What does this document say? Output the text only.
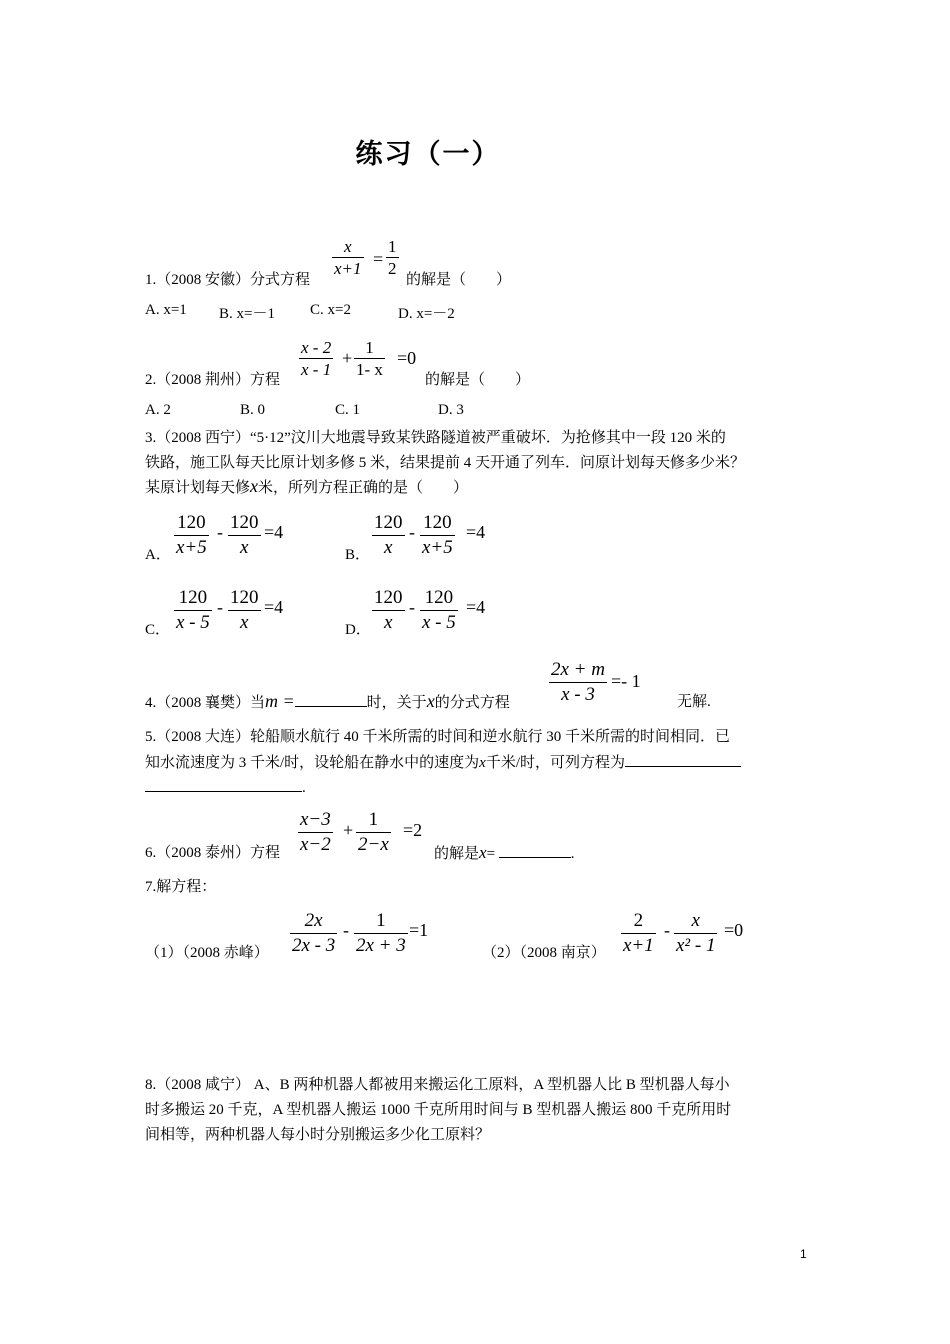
练习（一）
1.（2008 安徽）分式方程
x
x+1 =
1
2
的解是（　　）
A. x=1 B. x=－1 C. x=2	D. x=－2
2.（2008 荆州）方程
x - 2
x - 1
+
1
1- x
=0
的解是（　　）
A. 2	B. 0	C. 1	D. 3
3.（2008 西宁）“5·12”汶川大地震导致某铁路隧道被严重破坏．为抢修其中一段 120 米的
铁路，施工队每天比原计划多修 5 米，结果提前 4 天开通了列车．问原计划每天修多少米？
某原计划每天修x米，所列方程正确的是（　　）
A．
120
x+5
- 120
x
=4
B．
120
x
- 120
x+5
=4
C．
120
x - 5
- 120
x
=4
D．
120
x
- 120
x - 5
=4
4.（2008 襄樊）当m =	时，关于x的分式方程
2x + m
x - 3
=- 1
无解.
5.（2008 大连）轮船顺水航行 40 千米所需的时间和逆水航行 30 千米所需的时间相同．已
知水流速度为 3 千米/时，设轮船在静水中的速度为x千米/时，可列方程为
.
6.（2008 泰州）方程
x−3
x−2
+ 1
2−x
=2
的解是x=	.
7.解方程：
（1）（2008 赤峰）
2x
2x - 3
- 1
2x + 3
=1
（2）（2008 南京）
2
x+1
- x
x² - 1
=0
8.（2008 咸宁） A、B 两种机器人都被用来搬运化工原料，A 型机器人比 B 型机器人每小
时多搬运 20 千克，A 型机器人搬运 1000 千克所用时间与 B 型机器人搬运 800 千克所用时
间相等，两种机器人每小时分别搬运多少化工原料？
1
